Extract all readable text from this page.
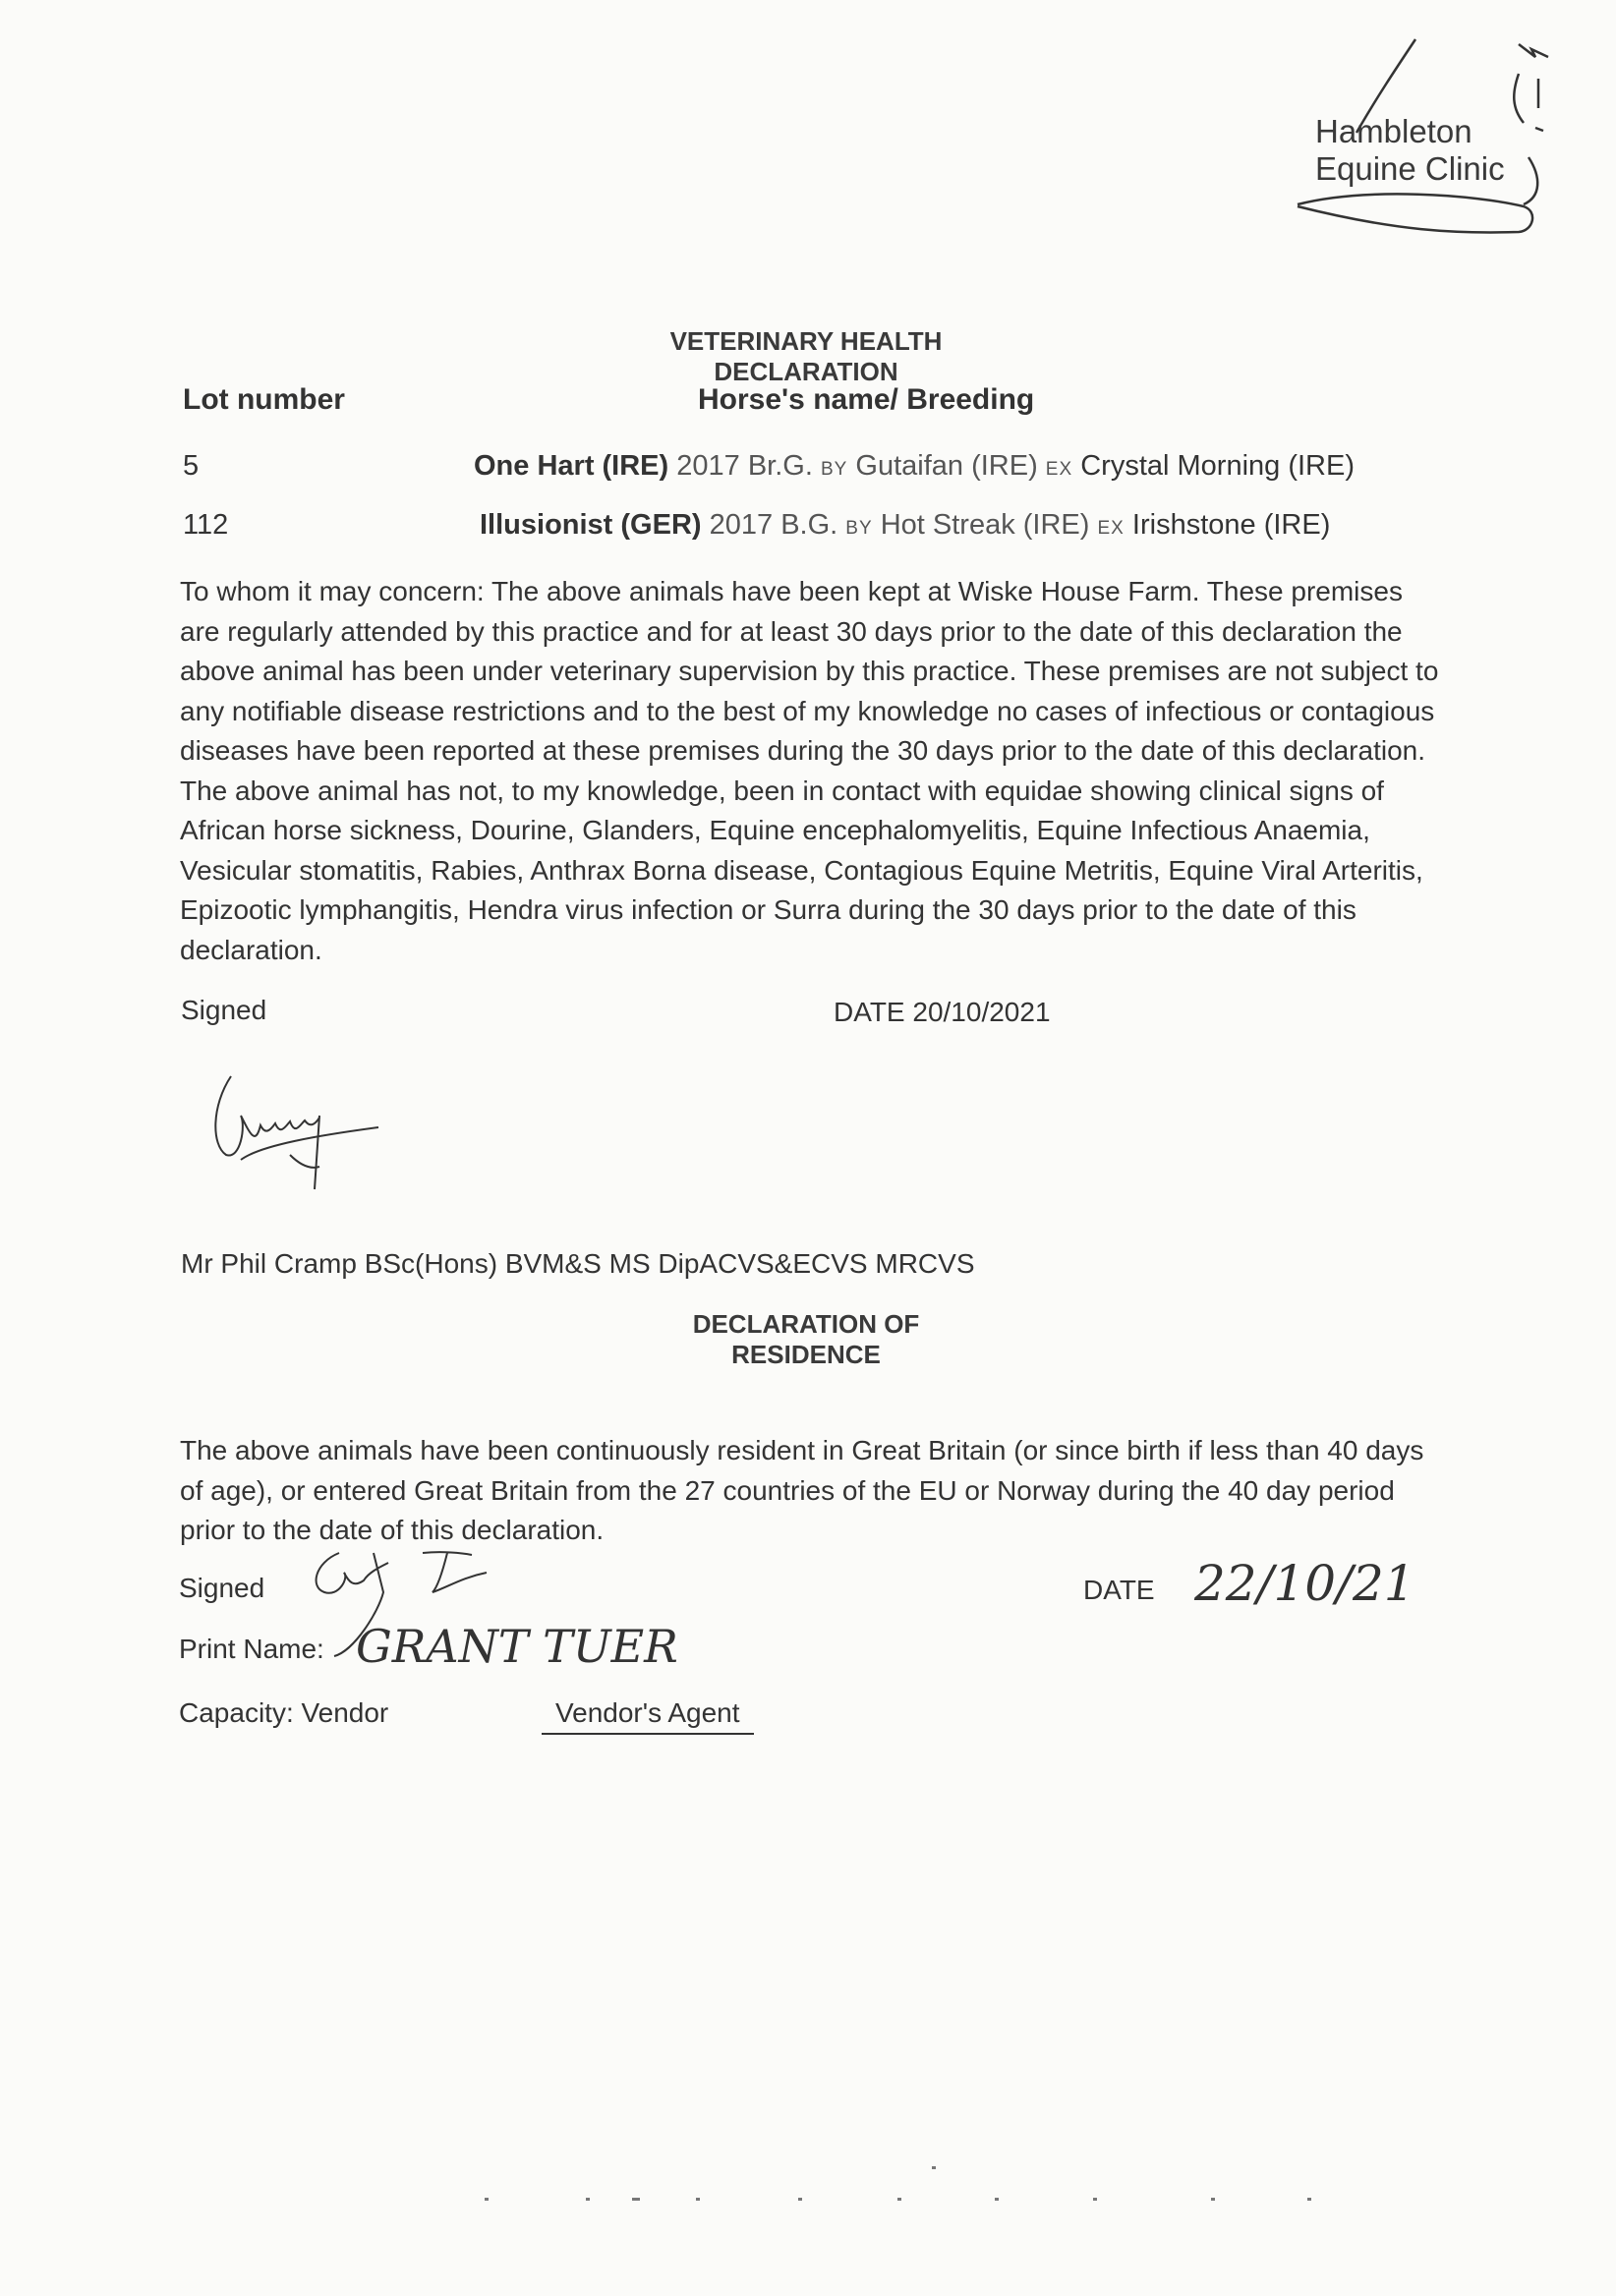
Hambleton
Equine Clinic
VETERINARY HEALTH DECLARATION
Lot number	Horse's name/ Breeding
5	One Hart (IRE) 2017 Br.G. BY Gutaifan (IRE) EX Crystal Morning (IRE)
112	Illusionist (GER) 2017 B.G. BY Hot Streak (IRE) EX Irishstone (IRE)
To whom it may concern: The above animals have been kept at Wiske House Farm. These premises are regularly attended by this practice and for at least 30 days prior to the date of this declaration the above animal has been under veterinary supervision by this practice. These premises are not subject to any notifiable disease restrictions and to the best of my knowledge no cases of infectious or contagious diseases have been reported at these premises during the 30 days prior to the date of this declaration. The above animal has not, to my knowledge, been in contact with equidae showing clinical signs of African horse sickness, Dourine, Glanders, Equine encephalomyelitis, Equine Infectious Anaemia, Vesicular stomatitis, Rabies, Anthrax Borna disease, Contagious Equine Metritis, Equine Viral Arteritis, Epizootic lymphangitis, Hendra virus infection or Surra during the 30 days prior to the date of this declaration.
Signed	DATE 20/10/2021
Mr Phil Cramp BSc(Hons) BVM&S MS DipACVS&ECVS MRCVS
DECLARATION OF RESIDENCE
The above animals have been continuously resident in Great Britain (or since birth if less than 40 days of age), or entered Great Britain from the 27 countries of the EU or Norway during the 40 day period prior to the date of this declaration.
Signed	DATE 22/10/21
Print Name: GRANT TUER
Capacity: Vendor	Vendor's Agent
